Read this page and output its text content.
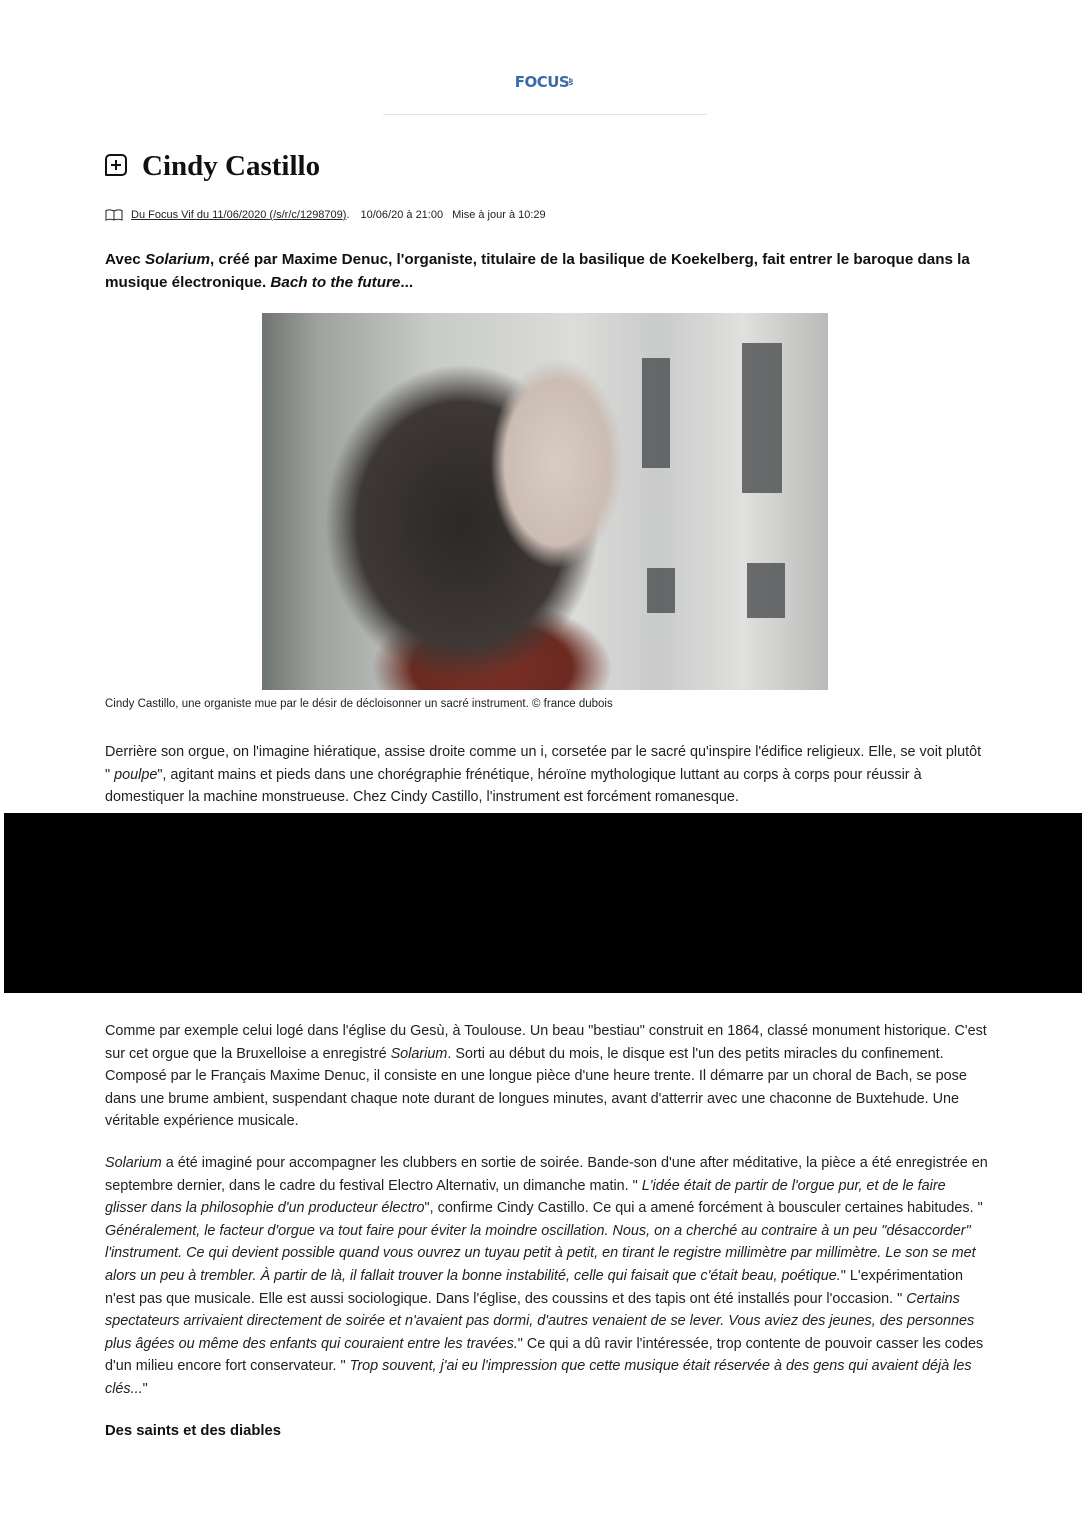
FOCUS VIF
Cindy Castillo
Du Focus Vif du 11/06/2020 (/s/r/c/1298709) . 10/06/20 à 21:00 Mise à jour à 10:29

Avec Solarium, créé par Maxime Denuc, l'organiste, titulaire de la basilique de Koekelberg, fait entrer le baroque dans la musique électronique. Bach to the future...

Cindy Castillo, une organiste mue par le désir de décloisonner un sacré instrument. © france dubois

Derrière son orgue, on l'imagine hiératique, assise droite comme un i, corsetée par le sacré qu'inspire l'édifice religieux. Elle, se voit plutôt " poulpe", agitant mains et pieds dans une chorégraphie frénétique, héroïne mythologique luttant au corps à corps pour réussir à domestiquer la machine monstrueuse. Chez Cindy Castillo, l'instrument est forcément romanesque.

Comme par exemple celui logé dans l'église du Gesù, à Toulouse. Un beau "bestiau" construit en 1864, classé monument historique. C'est sur cet orgue que la Bruxelloise a enregistré Solarium. Sorti au début du mois, le disque est l'un des petits miracles du confinement. Composé par le Français Maxime Denuc, il consiste en une longue pièce d'une heure trente. Il démarre par un choral de Bach, se pose dans une brume ambient, suspendant chaque note durant de longues minutes, avant d'atterrir avec une chaconne de Buxtehude. Une véritable expérience musicale.

Solarium a été imaginé pour accompagner les clubbers en sortie de soirée. Bande-son d'une after méditative, la pièce a été enregistrée en septembre dernier, dans le cadre du festival Electro Alternativ, un dimanche matin. " L'idée était de partir de l'orgue pur, et de le faire glisser dans la philosophie d'un producteur électro", confirme Cindy Castillo. Ce qui a amené forcément à bousculer certaines habitudes. " Généralement, le facteur d'orgue va tout faire pour éviter la moindre oscillation. Nous, on a cherché au contraire à un peu "désaccorder" l'instrument. Ce qui devient possible quand vous ouvrez un tuyau petit à petit, en tirant le registre millimètre par millimètre. Le son se met alors un peu à trembler. À partir de là, il fallait trouver la bonne instabilité, celle qui faisait que c'était beau, poétique." L'expérimentation n'est pas que musicale. Elle est aussi sociologique. Dans l'église, des coussins et des tapis ont été installés pour l'occasion. " Certains spectateurs arrivaient directement de soirée et n'avaient pas dormi, d'autres venaient de se lever. Vous aviez des jeunes, des personnes plus âgées ou même des enfants qui couraient entre les travées." Ce qui a dû ravir l'intéressée, trop contente de pouvoir casser les codes d'un milieu encore fort conservateur. " Trop souvent, j'ai eu l'impression que cette musique était réservée à des gens qui avaient déjà les clés..."

Des saints et des diables
